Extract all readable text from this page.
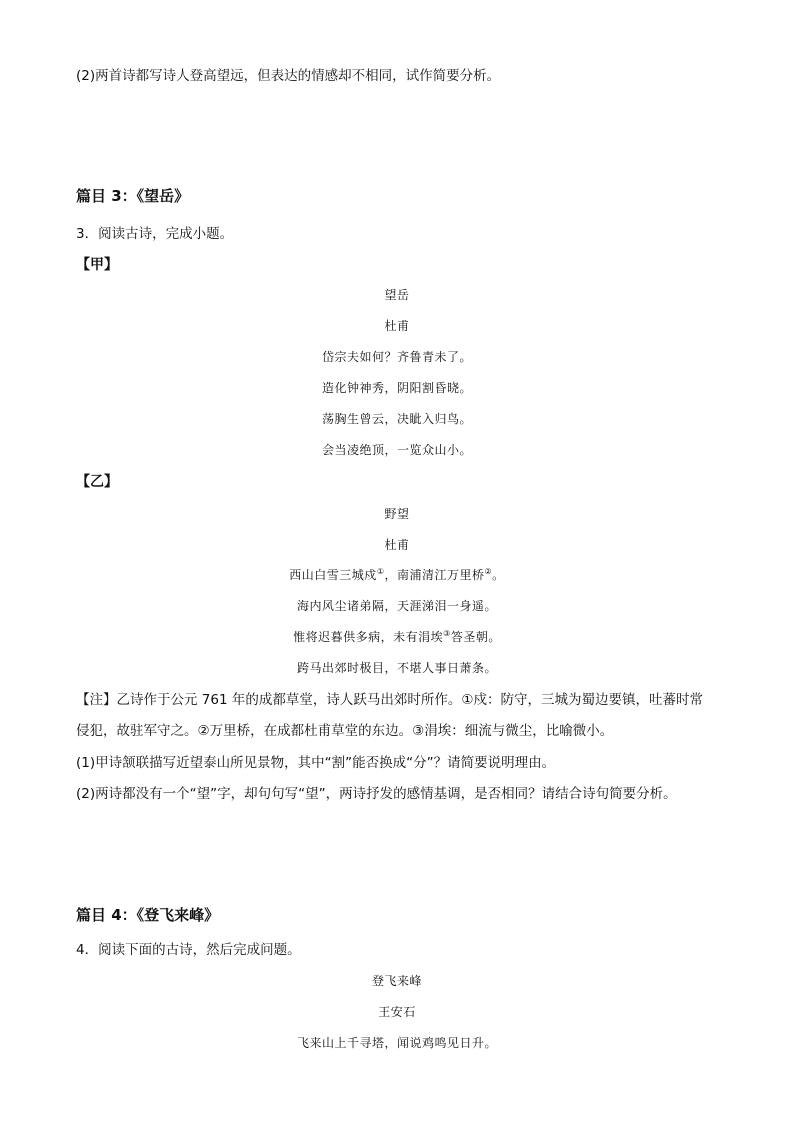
(2)两首诗都写诗人登高望远，但表达的情感却不相同，试作简要分析。
篇目 3：《望岳》
3．阅读古诗，完成小题。
【甲】
望岳
杜甫
岱宗夫如何？齐鲁青未了。
造化钟神秀，阴阳割昏晓。
荡胸生曾云，决眦入归鸟。
会当凌绝顶，一览众山小。
【乙】
野望
杜甫
西山白雪三城戍①，南浦清江万里桥②。
海内风尘诸弟隔，天涯涕泪一身遥。
惟将迟暮供多病，未有涓埃③答圣朝。
跨马出郊时极目，不堪人事日萧条。
【注】乙诗作于公元 761 年的成都草堂，诗人跃马出郊时所作。①戍：防守，三城为蜀边要镇，吐蕃时常
侵犯，故驻军守之。②万里桥，在成都杜甫草堂的东边。③涓埃：细流与微尘，比喻微小。
(1)甲诗颔联描写近望泰山所见景物，其中“割”能否换成“分”？请简要说明理由。
(2)两诗都没有一个“望”字，却句句写“望”，两诗抒发的感情基调，是否相同？请结合诗句简要分析。
篇目 4：《登飞来峰》
4．阅读下面的古诗，然后完成问题。
登飞来峰
王安石
飞来山上千寻塔，闻说鸡鸣见日升。
